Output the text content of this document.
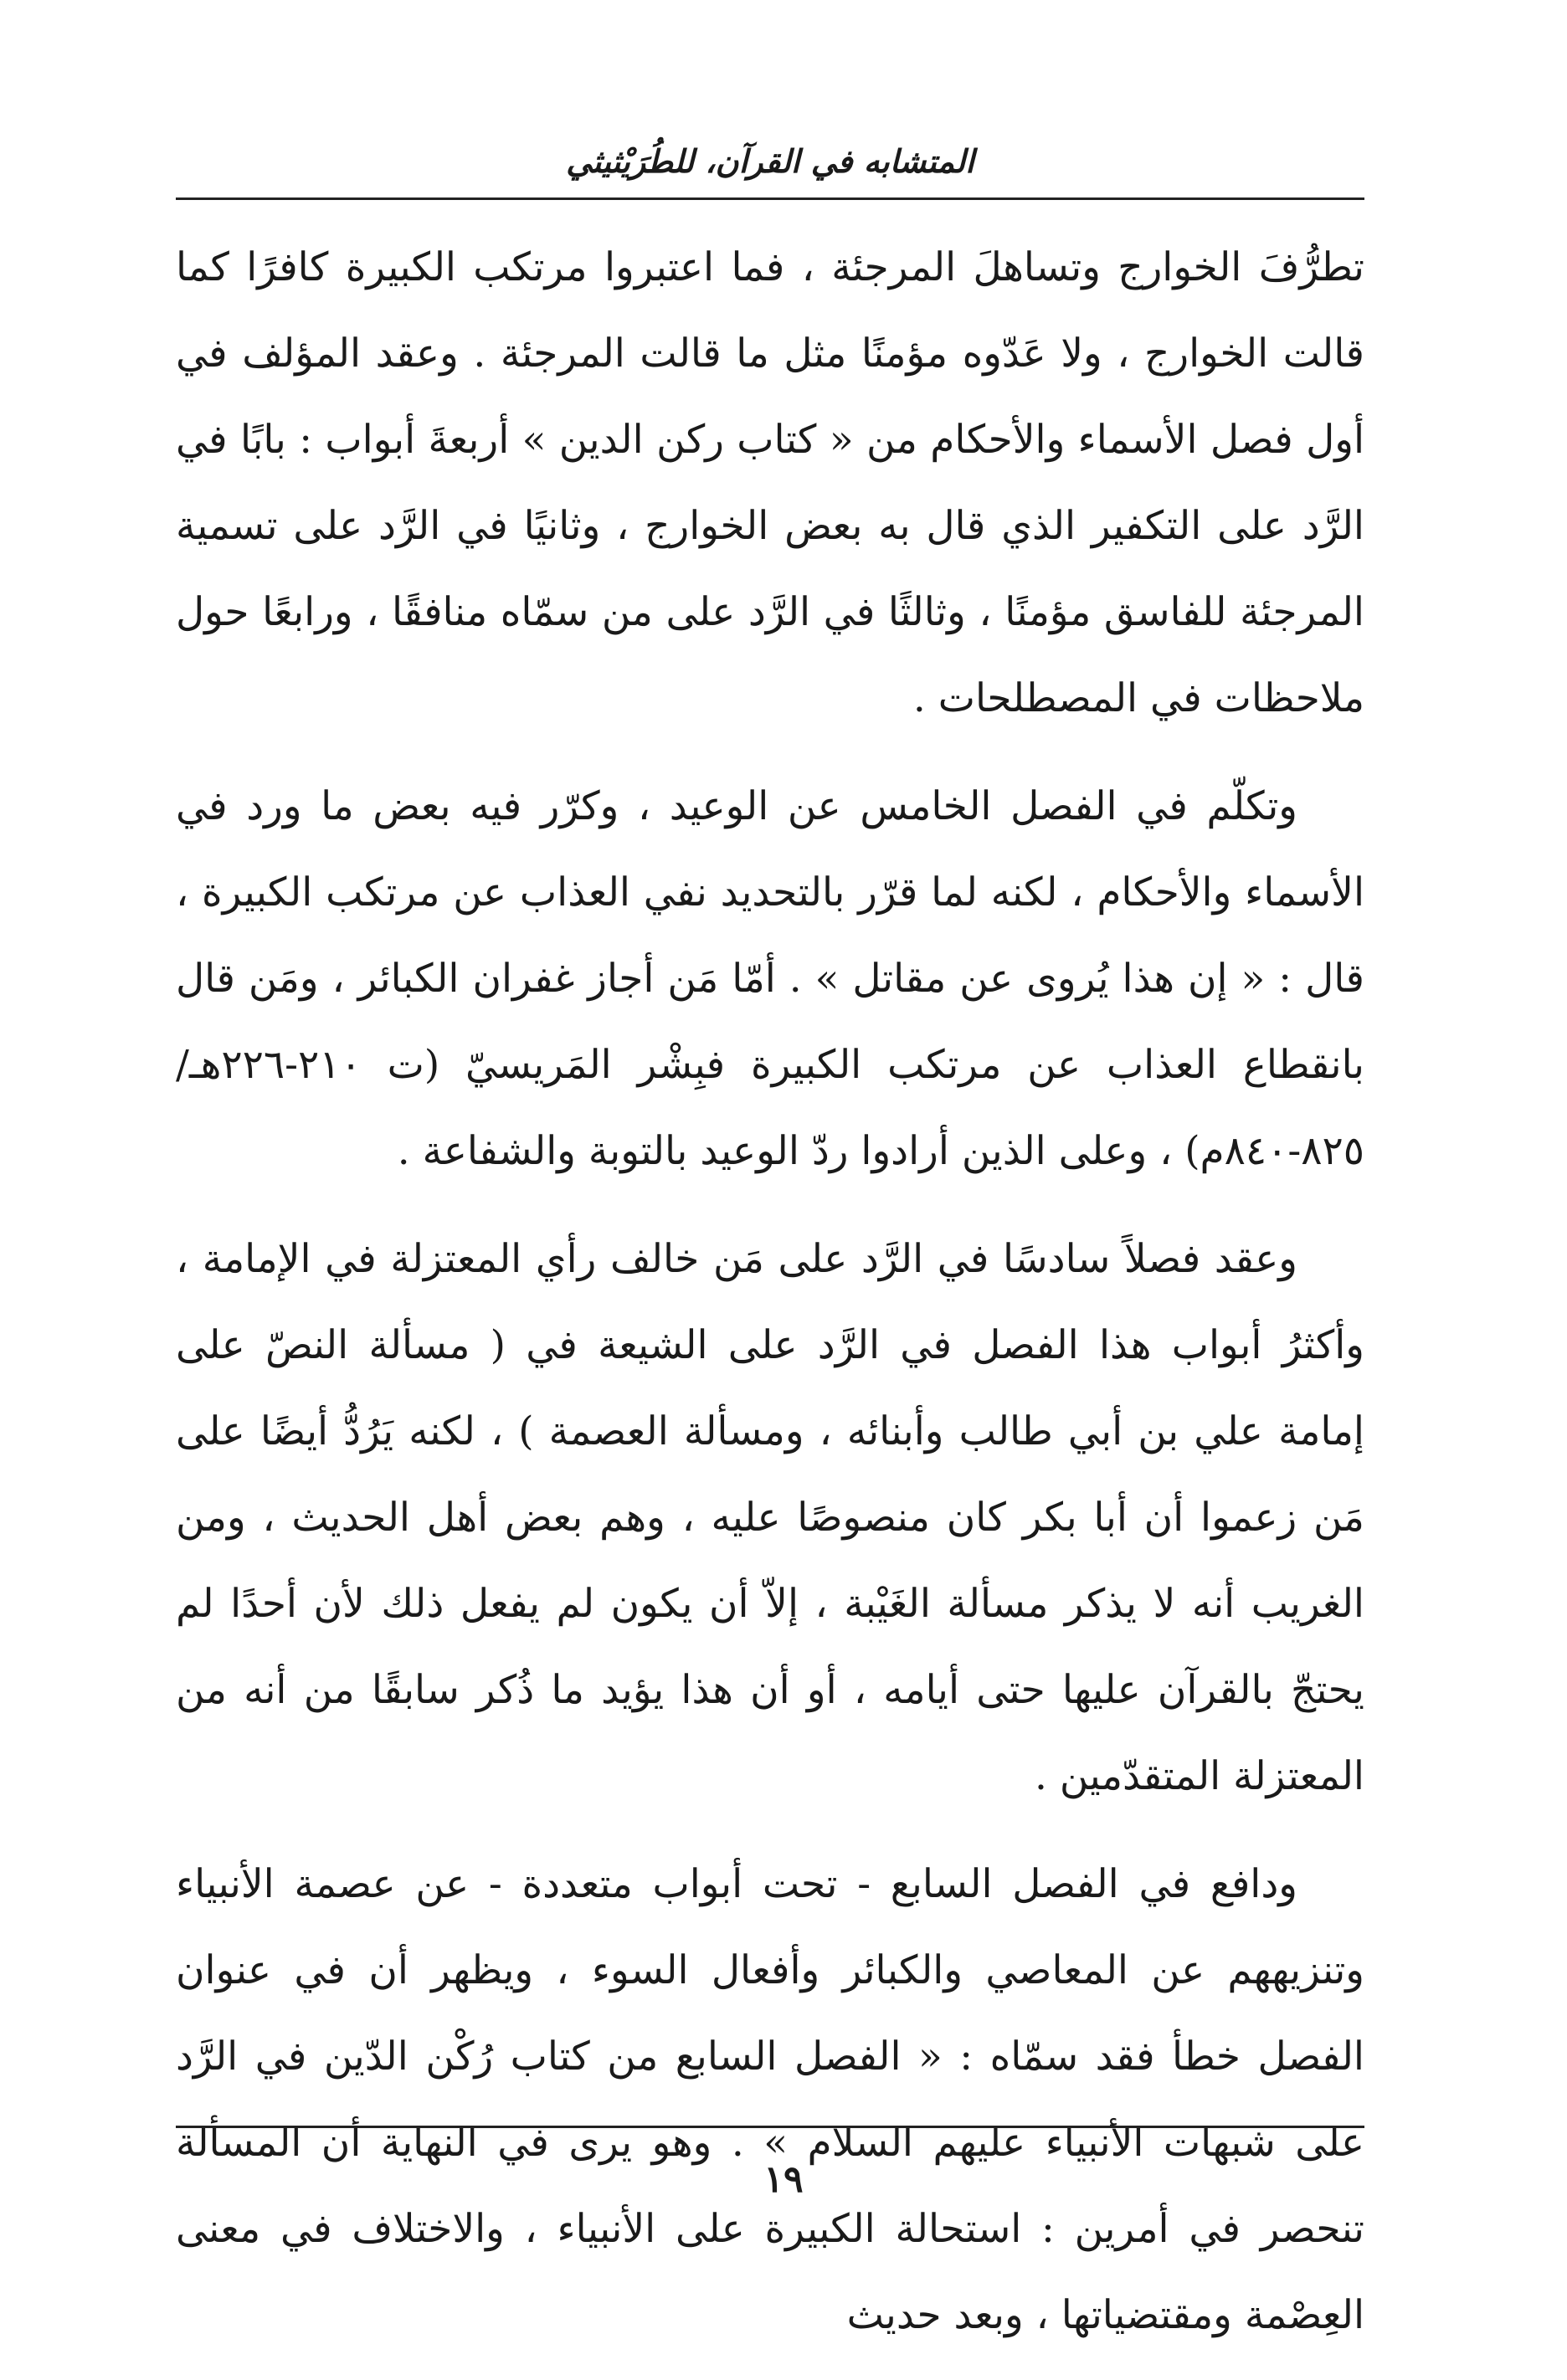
المتشابه في القرآن، للطُرَيْثيثي

تطرُّفَ الخوارج وتساهلَ المرجئة ، فما اعتبروا مرتكب الكبيرة كافرًا كما قالت الخوارج ، ولا عَدّوه مؤمنًا مثل ما قالت المرجئة . وعقد المؤلف في أول فصل الأسماء والأحكام من « كتاب ركن الدين » أربعةَ أبواب : بابًا في الرَّد على التكفير الذي قال به بعض الخوارج ، وثانيًا في الرَّد على تسمية المرجئة للفاسق مؤمنًا ، وثالثًا في الرَّد على من سمّاه منافقًا ، ورابعًا حول ملاحظات في المصطلحات .

وتكلّم في الفصل الخامس عن الوعيد ، وكرّر فيه بعض ما ورد في الأسماء والأحكام ، لكنه لما قرّر بالتحديد نفي العذاب عن مرتكب الكبيرة ، قال : « إن هذا يُروى عن مقاتل » . أمّا مَن أجاز غفران الكبائر ، ومَن قال بانقطاع العذاب عن مرتكب الكبيرة فبِشْر المَريسيّ (ت ٢١٠-٢٢٦هـ/ ٨٢٥-٨٤٠م) ، وعلى الذين أرادوا ردّ الوعيد بالتوبة والشفاعة .

وعقد فصلاً سادسًا في الرَّد على مَن خالف رأي المعتزلة في الإمامة ، وأكثرُ أبواب هذا الفصل في الرَّد على الشيعة في ( مسألة النصّ على إمامة علي بن أبي طالب وأبنائه ، ومسألة العصمة ) ، لكنه يَرُدُّ أيضًا على مَن زعموا أن أبا بكر كان منصوصًا عليه ، وهم بعض أهل الحديث ، ومن الغريب أنه لا يذكر مسألة الغَيْبة ، إلاّ أن يكون لم يفعل ذلك لأن أحدًا لم يحتجّ بالقرآن عليها حتى أيامه ، أو أن هذا يؤيد ما ذُكر سابقًا من أنه من المعتزلة المتقدّمين .

ودافع في الفصل السابع - تحت أبواب متعددة - عن عصمة الأنبياء وتنزيههم عن المعاصي والكبائر وأفعال السوء ، ويظهر أن في عنوان الفصل خطأ فقد سمّاه : « الفصل السابع من كتاب رُكْن الدّين في الرَّد على شبهات الأنبياء عليهم السلام » . وهو يرى في النهاية أن المسألة تنحصر في أمرين : استحالة الكبيرة على الأنبياء ، والاختلاف في معنى العِصْمة ومقتضياتها ، وبعد حديث

١٩
